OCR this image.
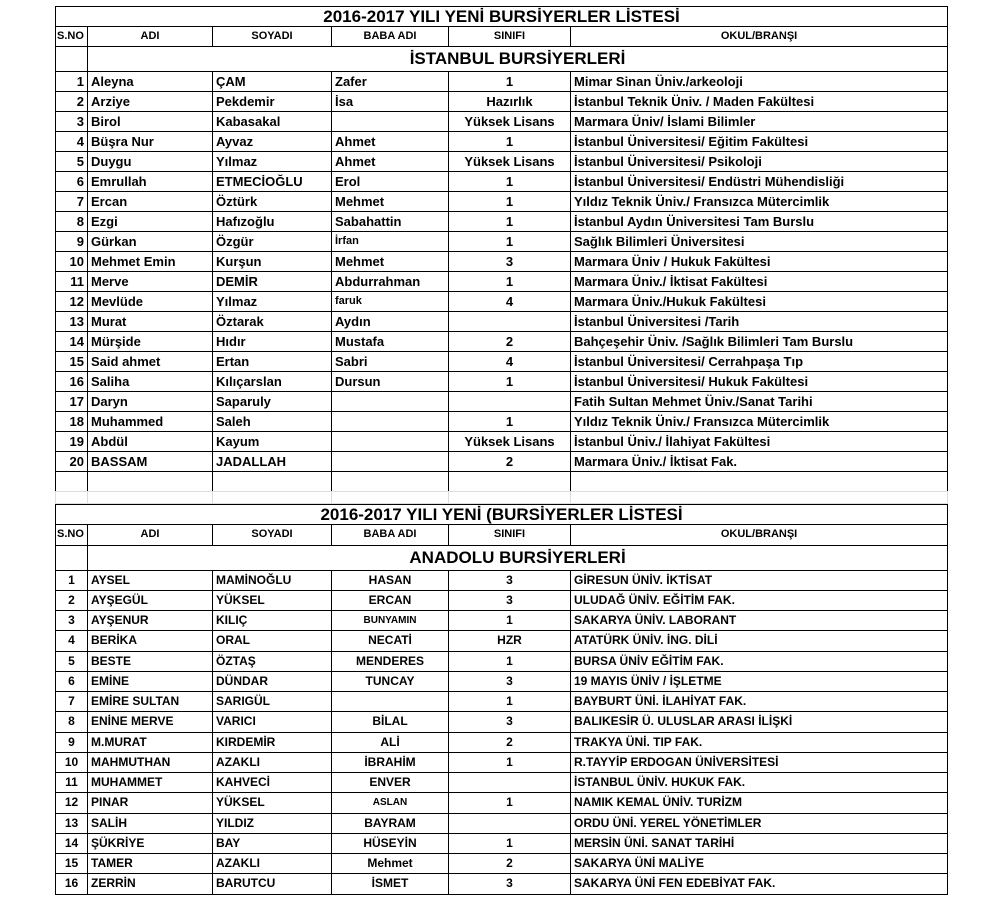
2016-2017 YILI YENİ BURSİYERLER LİSTESİ					
S.NO	ADI	SOYADI	BABA ADI	SINIFI	OKUL/BRANŞI
	İSTANBUL BURSİYERLERİ				
1	Aleyna	ÇAM	Zafer	1	Mimar Sinan Üniv./arkeoloji
2	Arziye	Pekdemir	İsa	Hazırlık	İstanbul Teknik Üniv. / Maden Fakültesi
3	Birol	Kabasakal		Yüksek Lisans	Marmara Üniv/ İslami Bilimler
4	Büşra Nur	Ayvaz	Ahmet	1	İstanbul Üniversitesi/ Eğitim Fakültesi
5	Duygu	Yılmaz	Ahmet	Yüksek Lisans	İstanbul Üniversitesi/ Psikoloji
6	Emrullah	ETMECİOĞLU	Erol	1	İstanbul Üniversitesi/ Endüstri Mühendisliği
7	Ercan	Öztürk	Mehmet	1	Yıldız Teknik Üniv./ Fransızca Mütercimlik
8	Ezgi	Hafızoğlu	Sabahattin	1	İstanbul Aydın Üniversitesi Tam Burslu
9	Gürkan	Özgür	İrfan	1	Sağlık Bilimleri Üniversitesi
10	Mehmet Emin	Kurşun	Mehmet	3	Marmara Üniv / Hukuk Fakültesi
11	Merve	DEMİR	Abdurrahman	1	Marmara Üniv./ İktisat Fakültesi
12	Mevlüde	Yılmaz	faruk	4	Marmara Üniv./Hukuk Fakültesi
13	Murat	Öztarak	Aydın		İstanbul Üniversitesi /Tarih
14	Mürşide	Hıdır	Mustafa	2	Bahçeşehir Üniv. /Sağlık Bilimleri Tam Burslu
15	Said ahmet	Ertan	Sabri	4	İstanbul Üniversitesi/ Cerrahpaşa Tıp
16	Saliha	Kılıçarslan	Dursun	1	İstanbul Üniversitesi/ Hukuk Fakültesi
17	Daryn	Saparuly			Fatih Sultan Mehmet Üniv./Sanat Tarihi
18	Muhammed	Saleh		1	Yıldız Teknik Üniv./ Fransızca Mütercimlik
19	Abdül	Kayum		Yüksek Lisans	İstanbul Üniv./ İlahiyat Fakültesi
20	BASSAM	JADALLAH		2	Marmara Üniv./ İktisat Fak.

2016-2017 YILI YENİ (BURSİYERLER LİSTESİ					
S.NO	ADI	SOYADI	BABA ADI	SINIFI	OKUL/BRANŞI
	ANADOLU BURSİYERLERİ				
1	AYSEL	MAMİNOĞLU	HASAN	3	GİRESUN ÜNİV. İKTİSAT
2	AYŞEGÜL	YÜKSEL	ERCAN	3	ULUDAĞ ÜNİV. EĞİTİM FAK.
3	AYŞENUR	KILIÇ	BUNYAMIN	1	SAKARYA ÜNİV. LABORANT
4	BERİKA	ORAL	NECATİ	HZR	ATATÜRK ÜNİV. İNG. DİLİ
5	BESTE	ÖZTAŞ	MENDERES	1	BURSA ÜNİV EĞİTİM FAK.
6	EMİNE	DÜNDAR	TUNCAY	3	19 MAYIS ÜNİV / İŞLETME
7	EMİRE SULTAN	SARIGÜL		1	BAYBURT ÜNİ. İLAHİYAT FAK.
8	ENİNE MERVE	VARICI	BİLAL	3	BALIKESİR Ü. ULUSLAR ARASI İLİŞKİ
9	M.MURAT	KIRDEMİR	ALİ	2	TRAKYA ÜNİ. TIP FAK.
10	MAHMUTHAN	AZAKLI	İBRAHİM	1	R.TAYYİP ERDOGAN ÜNİVERSİTESİ
11	MUHAMMET	KAHVECİ	ENVER		İSTANBUL ÜNİV. HUKUK FAK.
12	PINAR	YÜKSEL	ASLAN	1	NAMIK KEMAL ÜNİV. TURİZM
13	SALİH	YILDIZ	BAYRAM		ORDU ÜNİ. YEREL YÖNETİMLER
14	ŞÜKRİYE	BAY	HÜSEYİN	1	MERSİN ÜNİ. SANAT TARİHİ
15	TAMER	AZAKLI	Mehmet	2	SAKARYA ÜNİ MALİYE
16	ZERRİN	BARUTCU	İSMET	3	SAKARYA ÜNİ FEN EDEBİYAT FAK.
